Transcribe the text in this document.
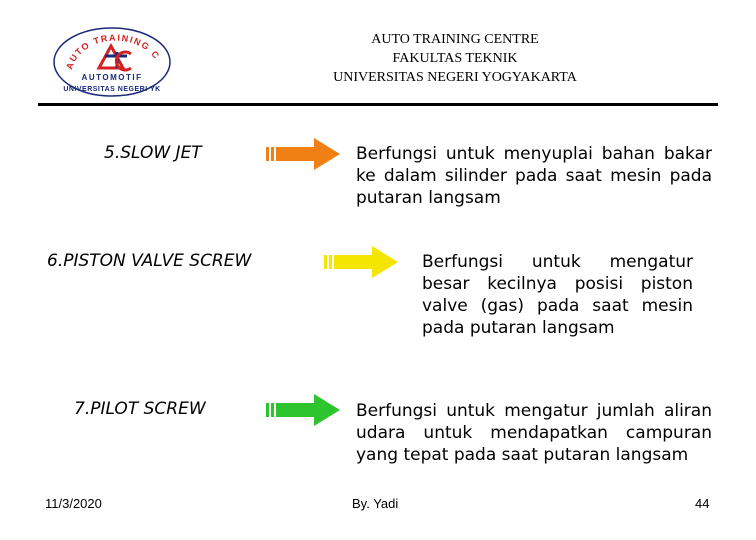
AUTO TRAINING C
AUTOMOTIF
UNIVERSITAS NEGERI YK
AUTO TRAINING CENTRE
FAKULTAS TEKNIK
UNIVERSITAS NEGERI YOGYAKARTA
5.SLOW JET	Berfungsi untuk menyuplai bahan bakar ke dalam silinder pada saat mesin pada putaran langsam
6.PISTON VALVE SCREW	Berfungsi untuk mengatur besar kecilnya posisi piston valve (gas) pada saat mesin pada putaran langsam
7.PILOT SCREW	Berfungsi untuk mengatur jumlah aliran udara untuk mendapatkan campuran yang tepat pada saat putaran langsam
11/3/2020	By. Yadi	44
